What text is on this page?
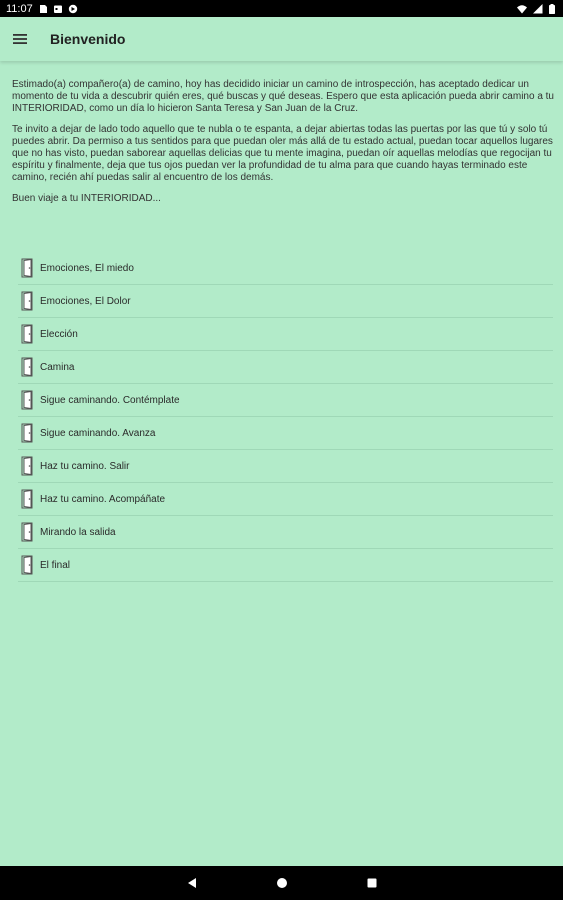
11:07
Bienvenido

Estimado(a) compañero(a) de camino, hoy has decidido iniciar un camino de introspección, has aceptado dedicar un momento de tu vida a descubrir quién eres, qué buscas y qué deseas. Espero que esta aplicación pueda abrir camino a tu INTERIORIDAD, como un día lo hicieron Santa Teresa y San Juan de la Cruz.

Te invito a dejar de lado todo aquello que te nubla o te espanta, a dejar abiertas todas las puertas por las que tú y solo tú puedes abrir. Da permiso a tus sentidos para que puedan oler más allá de tu estado actual, puedan tocar aquellos lugares que no has visto, puedan saborear aquellas delicias que tu mente imagina, puedan oír aquellas melodías que regocijan tu espíritu y finalmente, deja que tus ojos puedan ver la profundidad de tu alma para que cuando hayas terminado este camino, recién ahí puedas salir al encuentro de los demás.

Buen viaje a tu INTERIORIDAD...

Emociones, El miedo
Emociones, El Dolor
Elección
Camina
Sigue caminando. Contémplate
Sigue caminando. Avanza
Haz tu camino. Salir
Haz tu camino. Acompáñate
Mirando la salida
El final
